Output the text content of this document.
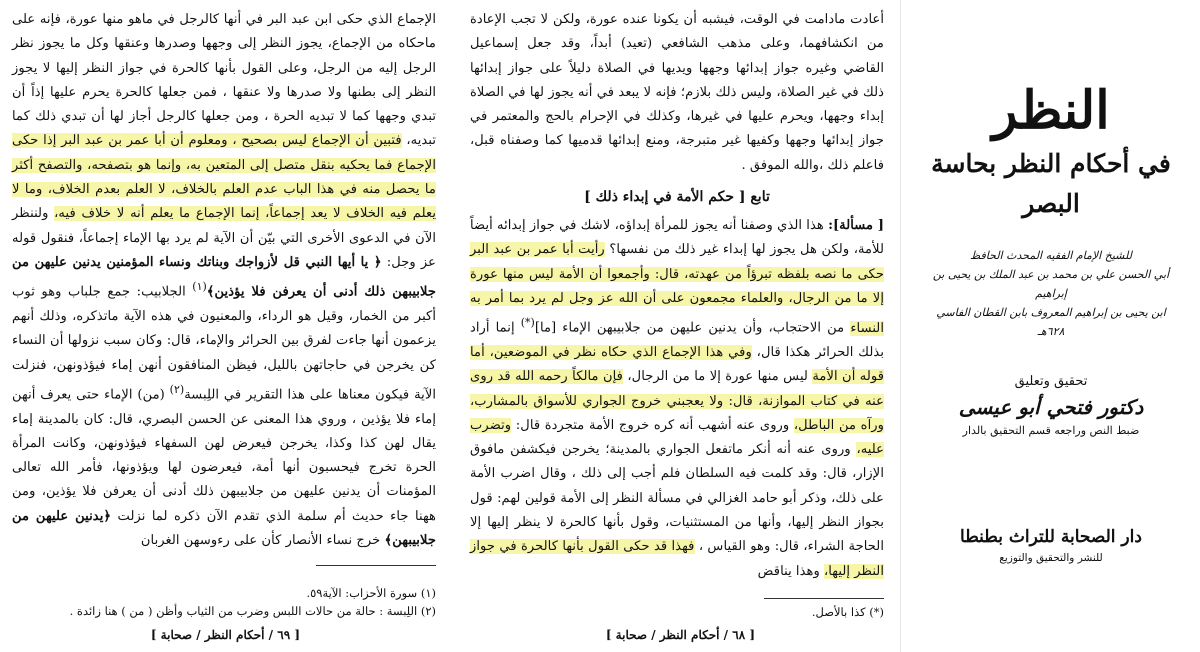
الإجماع الذي حكى ابن عبد البر في أنها كالرجل في ماهو منها عورة، فإنه على ماحكاه من الإجماع، يجوز النظر إلى وجهها وصدرها وعنقها وكل ما يجوز نظر الرجل إليه من الرجل، وعلى القول بأنها كالحرة في جواز النظر إليها لا يجوز النظر إلى بطنها ولا صدرها ولا عنقها ، فمن جعلها كالحرة يحرم عليها إذاً أن تبدي وجهها كما لا تبديه الحرة ، ومن جعلها كالرجل أجاز لها أن تبدي ذلك كما تبديه، فتبين أن الإجماع ليس بصحيح ، ومعلوم أن أبا عمر بن عبد البر إذا حكى الإجماع فما يحكيه بنقل متصل إلى المتعين به، وإنما هو بتصفحه، والتصفح أكثر ما يحصل منه في هذا الباب عدم العلم بالخلاف، لا العلم بعدم الخلاف، وما لا يعلم فيه الخلاف لا يعد إجماعاً، إنما الإجماع ما يعلم أنه لا خلاف فيه، ولننظر الآن في الدعوى الأخرى التي بيّن أن الآية لم يرد بها الإماء إجماعاً، فنقول قوله عز وجل: ﴿ يا أيها النبي قل لأزواجك وبناتك ونساء المؤمنين يدنين عليهن من جلابيبهن ذلك أدنى أن يعرفن فلا يؤذين﴾$^{(١)}$ الجلابيب: جمع جلباب وهو ثوب أكبر من الخمار، وقيل هو الرداء، والمعنيون في هذه الآية ماتذكره، وذلك أنهم يزعمون أنها جاءت لفرق بين الحرائر والإماء، قال: وكان سبب نزولها أن النساء كن يخرجن في حاجاتهن بالليل، فيظن المنافقون أنهن إماء فيؤذونهن، فنزلت الآية فيكون معناها على هذا التقرير في اللِبسة$^{(٢)}$ (من) الإماء حتى يعرف أنهن إماء فلا يؤذين ، وروي هذا المعنى عن الحسن البصري، قال: كان بالمدينة إماء يقال لهن كذا وكذا، يخرجن فيعرض لهن السفهاء فيؤذونهن، وكانت المرأة الحرة تخرج فيحسبون أنها أمة، فيعرضون لها ويؤذونها، فأمر الله تعالى المؤمنات أن يدنين عليهن من جلابيبهن ذلك أدنى أن يعرفن فلا يؤذين، ومن ههنا جاء حديث أم سلمة الذي تقدم الآن ذكره لما نزلت ﴿يدنين عليهن من جلابيبهن﴾ خرج نساء الأنصار كأن على رءوسهن الغربان

(١) سورة الأحزاب: الآية٥٩.
(٢) اللِبسة : حالة من حالات اللبس وضرب من الثياب وأظن ( من ) هنا زائدة .
[ ٦٩ / أحكام النظر / صحابة ]

أعادت مادامت في الوقت، فيشبه أن يكونا عنده عورة، ولكن لا تجب الإعادة من انكشافهما، وعلى مذهب الشافعي (تعيد) أبداً، وقد جعل إسماعيل القاضي وغيره جواز إبدائها وجهها ويديها في الصلاة دليلاً على جواز إبدائها ذلك في غير الصلاة، وليس ذلك بلازم؛ فإنه لا يبعد في أنه يجوز لها في الصلاة إبداء وجهها، ويحرم عليها في غيرها، وكذلك في الإحرام بالحج والمعتمر في جواز إبدائها وجهها وكفيها غير متبرجة، ومنع إبدائها قدميها كما وصفناه قبل، فاعلم ذلك ،والله الموفق .

تابع [ حكم الأمة في إبداء ذلك ]

[ مسألة]: هذا الذي وصفنا أنه يجوز للمرأة إبداؤه، لاشك في جواز إبدائه أيضاً للأمة، ولكن هل يجوز لها إبداء غير ذلك من نفسها؟ رأيت أبا عمر بن عبد البر حكى ما نصه بلفظه تبرؤاً من عهدته، قال: وأجمعوا أن الأمة ليس منها عورة إلا ما من الرجال، والعلماء مجمعون على أن الله عز وجل لم يرد بما أمر به النساء من الاحتجاب، وأن يدنين عليهن من جلابيبهن الإماء [ما](*) إنما أراد بذلك الحرائر هكذا قال، وفي هذا الإجماع الذي حكاه نظر في الموضعين، أما قوله أن الأمة ليس منها عورة إلا ما من الرجال، فإن مالكاً رحمه الله قد روى عنه في كتاب الموازنة، قال: ولا يعجبني خروج الجواري للأسواق بالمشارب، ورآه من الباطل، وروى عنه أشهب أنه كره خروج الأمة متجردة قال: وتضرب عليه، وروى عنه أنه أنكر ماتفعل الجواري بالمدينة؛ يخرجن فيكشفن مافوق الإزار، قال: وقد كلمت فيه السلطان فلم أجب إلى ذلك ، وقال اضرب الأمة على ذلك، وذكر أبو حامد الغزالي في مسألة النظر إلى الأمة قولين لهم: قول بجواز النظر إليها، وأنها من المستثنيات، وقول بأنها كالحرة لا ينظر إليها إلا الحاجة الشراء، قال: وهو القياس ، فهذا قد حكى القول بأنها كالحرة في جواز النظر إليها، وهذا يناقض

(*) كذا بالأصل.
[ ٦٨ / أحكام النظر / صحابة ]
النظر
في أحكام النظر بحاسة البصر
للشيخ الإمام الفقيه المحدث الحافظ
أبي الحسن علي بن محمد بن عبد الملك بن يحيى بن إبراهيم
ابن يحيى بن إبراهيم المعروف بابن القطان الفاسي
٦٢٨هـ
تحقيق وتعليق
دكتور فتحي أبو عيسى
ضبط النص وراجعه قسم التحقيق بالدار
دار الصحابة للتراث بطنطا
للنشر والتحقيق والتوزيع
